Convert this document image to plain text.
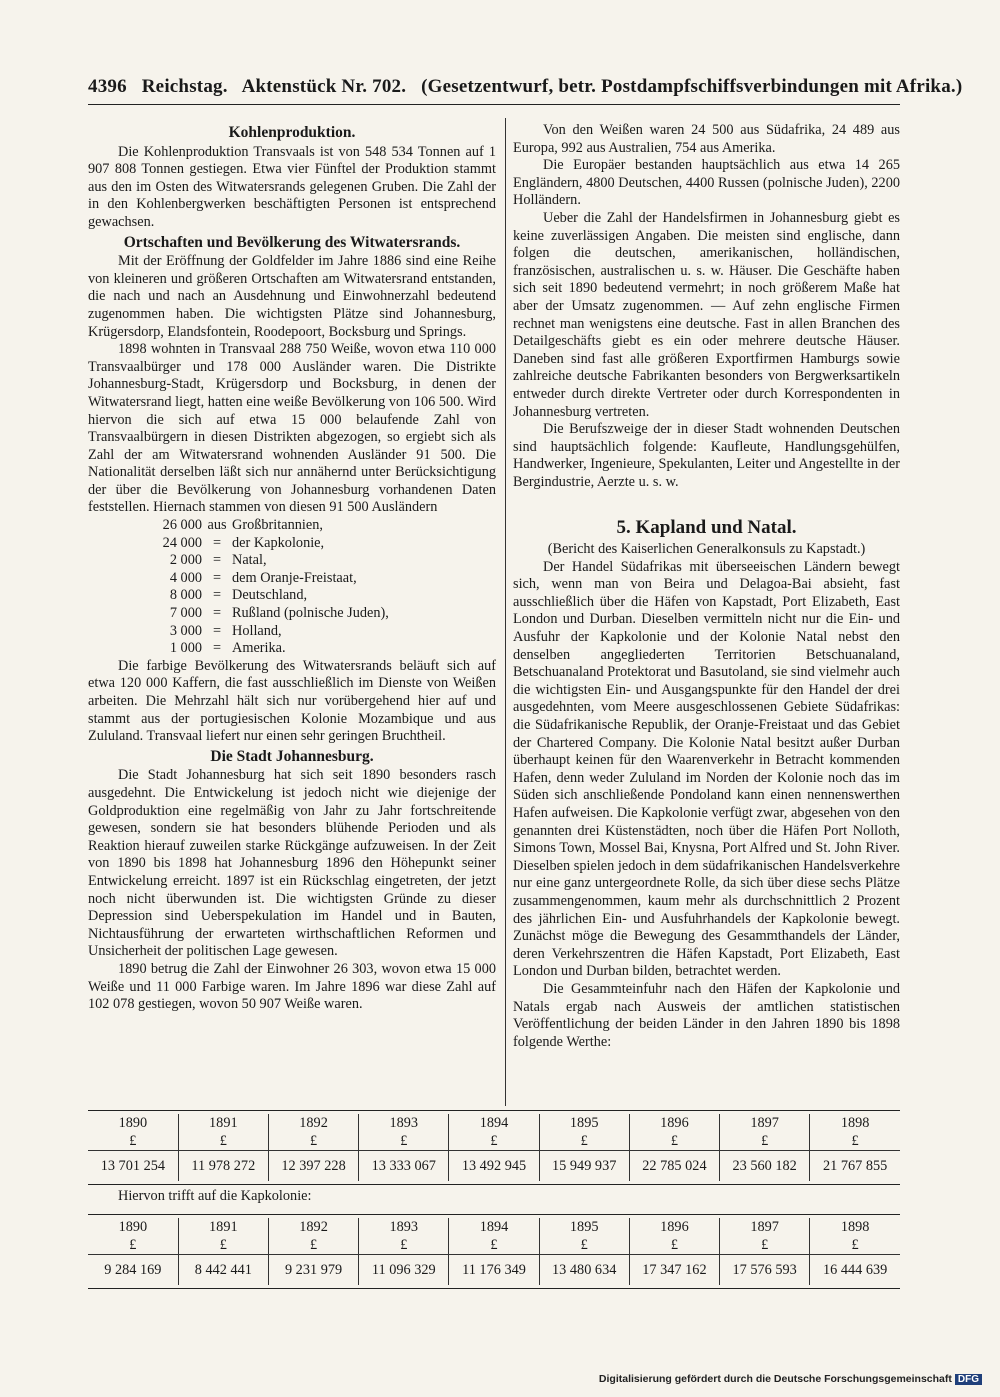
4396 Reichstag. Aktenstück Nr. 702. (Gesetzentwurf, betr. Postdampfschiffsverbindungen mit Afrika.)
Kohlenproduktion.

Die Kohlenproduktion Transvaals ist von 548 534 Tonnen auf 1 907 808 Tonnen gestiegen. Etwa vier Fünftel der Produktion stammt aus den im Osten des Witwatersrands gelegenen Gruben. Die Zahl der in den Kohlenbergwerken beschäftigten Personen ist entsprechend gewachsen.

Ortschaften und Bevölkerung des Witwatersrands.

Mit der Eröffnung der Goldfelder im Jahre 1886 sind eine Reihe von kleineren und größeren Ortschaften am Witwatersrand entstanden, die nach und nach an Ausdehnung und Einwohnerzahl bedeutend zugenommen haben. Die wichtigsten Plätze sind Johannesburg, Krügersdorp, Elandsfontein, Roodepoort, Bocksburg und Springs.

1898 wohnten in Transvaal 288 750 Weiße, wovon etwa 110 000 Transvaalbürger und 178 000 Ausländer waren. Die Distrikte Johannesburg-Stadt, Krügersdorp und Bocksburg, in denen der Witwatersrand liegt, hatten eine weiße Bevölkerung von 106 500. Wird hiervon die sich auf etwa 15 000 belaufende Zahl von Transvaalbürgern in diesen Distrikten abgezogen, so ergiebt sich als Zahl der am Witwatersrand wohnenden Ausländer 91 500. Die Nationalität derselben läßt sich nur annähernd unter Berücksichtigung der über die Bevölkerung von Johannesburg vorhandenen Daten feststellen. Hiernach stammen von diesen 91 500 Ausländern

26 000 aus Großbritannien,
24 000 = der Kapkolonie,
2 000 = Natal,
4 000 = dem Oranje-Freistaat,
8 000 = Deutschland,
7 000 = Rußland (polnische Juden),
3 000 = Holland,
1 000 = Amerika.

Die farbige Bevölkerung des Witwatersrands beläuft sich auf etwa 120 000 Kaffern, die fast ausschließlich im Dienste von Weißen arbeiten. Die Mehrzahl hält sich nur vorübergehend hier auf und stammt aus der portugiesischen Kolonie Mozambique und aus Zululand. Transvaal liefert nur einen sehr geringen Bruchtheil.

Die Stadt Johannesburg.

Die Stadt Johannesburg hat sich seit 1890 besonders rasch ausgedehnt. Die Entwickelung ist jedoch nicht wie diejenige der Goldproduktion eine regelmäßig von Jahr zu Jahr fortschreitende gewesen, sondern sie hat besonders blühende Perioden und als Reaktion hierauf zuweilen starke Rückgänge aufzuweisen. In der Zeit von 1890 bis 1898 hat Johannesburg 1896 den Höhepunkt seiner Entwickelung erreicht. 1897 ist ein Rückschlag eingetreten, der jetzt noch nicht überwunden ist. Die wichtigsten Gründe zu dieser Depression sind Ueberspekulation im Handel und in Bauten, Nichtausführung der erwarteten wirthschaftlichen Reformen und Unsicherheit der politischen Lage gewesen.

1890 betrug die Zahl der Einwohner 26 303, wovon etwa 15 000 Weiße und 11 000 Farbige waren. Im Jahre 1896 war diese Zahl auf 102 078 gestiegen, wovon 50 907 Weiße waren.

Von den Weißen waren 24 500 aus Südafrika, 24 489 aus Europa, 992 aus Australien, 754 aus Amerika.

Die Europäer bestanden hauptsächlich aus etwa 14 265 Engländern, 4800 Deutschen, 4400 Russen (polnische Juden), 2200 Holländern.

Ueber die Zahl der Handelsfirmen in Johannesburg giebt es keine zuverlässigen Angaben. Die meisten sind englische, dann folgen die deutschen, amerikanischen, holländischen, französischen, australischen u. s. w. Häuser. Die Geschäfte haben sich seit 1890 bedeutend vermehrt; in noch größerem Maße hat aber der Umsatz zugenommen. — Auf zehn englische Firmen rechnet man wenigstens eine deutsche. Fast in allen Branchen des Detailgeschäfts giebt es ein oder mehrere deutsche Häuser. Daneben sind fast alle größeren Exportfirmen Hamburgs sowie zahlreiche deutsche Fabrikanten besonders von Bergwerksartikeln entweder durch direkte Vertreter oder durch Korrespondenten in Johannesburg vertreten.

Die Berufszweige der in dieser Stadt wohnenden Deutschen sind hauptsächlich folgende: Kaufleute, Handlungsgehülfen, Handwerker, Ingenieure, Spekulanten, Leiter und Angestellte in der Bergindustrie, Aerzte u. s. w.

5. Kapland und Natal.

(Bericht des Kaiserlichen Generalkonsuls zu Kapstadt.)

Der Handel Südafrikas mit überseeischen Ländern bewegt sich, wenn man von Beira und Delagoa-Bai absieht, fast ausschließlich über die Häfen von Kapstadt, Port Elizabeth, East London und Durban. Dieselben vermitteln nicht nur die Ein- und Ausfuhr der Kapkolonie und der Kolonie Natal nebst den denselben angegliederten Territorien Betschuanaland, Betschuanaland Protektorat und Basutoland, sie sind vielmehr auch die wichtigsten Ein- und Ausgangspunkte für den Handel der drei ausgedehnten, vom Meere ausgeschlossenen Gebiete Südafrikas: die Südafrikanische Republik, der Oranje-Freistaat und das Gebiet der Chartered Company. Die Kolonie Natal besitzt außer Durban überhaupt keinen für den Waarenverkehr in Betracht kommenden Hafen, denn weder Zululand im Norden der Kolonie noch das im Süden sich anschließende Pondoland kann einen nennenswerthen Hafen aufweisen. Die Kapkolonie verfügt zwar, abgesehen von den genannten drei Küstenstädten, noch über die Häfen Port Nolloth, Simons Town, Mossel Bai, Knysna, Port Alfred und St. John River. Dieselben spielen jedoch in dem südafrikanischen Handelsverkehre nur eine ganz untergeordnete Rolle, da sich über diese sechs Plätze zusammengenommen, kaum mehr als durchschnittlich 2 Prozent des jährlichen Ein- und Ausfuhrhandels der Kapkolonie bewegt. Zunächst möge die Bewegung des Gesammthandels der Länder, deren Verkehrszentren die Häfen Kapstadt, Port Elizabeth, East London und Durban bilden, betrachtet werden.

Die Gesammteinfuhr nach den Häfen der Kapkolonie und Natals ergab nach Ausweis der amtlichen statistischen Veröffentlichung der beiden Länder in den Jahren 1890 bis 1898 folgende Werthe:

1890	1891	1892	1893	1894	1895	1896	1897	1898
£	£	£	£	£	£	£	£	£
13 701 254	11 978 272	12 397 228	13 333 067	13 492 945	15 949 937	22 785 024	23 560 182	21 767 855
Hiervon trifft auf die Kapkolonie:
1890	1891	1892	1893	1894	1895	1896	1897	1898
£	£	£	£	£	£	£	£	£
9 284 169	8 442 441	9 231 979	11 096 329	11 176 349	13 480 634	17 347 162	17 576 593	16 444 639
Digitalisierung gefördert durch die Deutsche Forschungsgemeinschaft DFG
